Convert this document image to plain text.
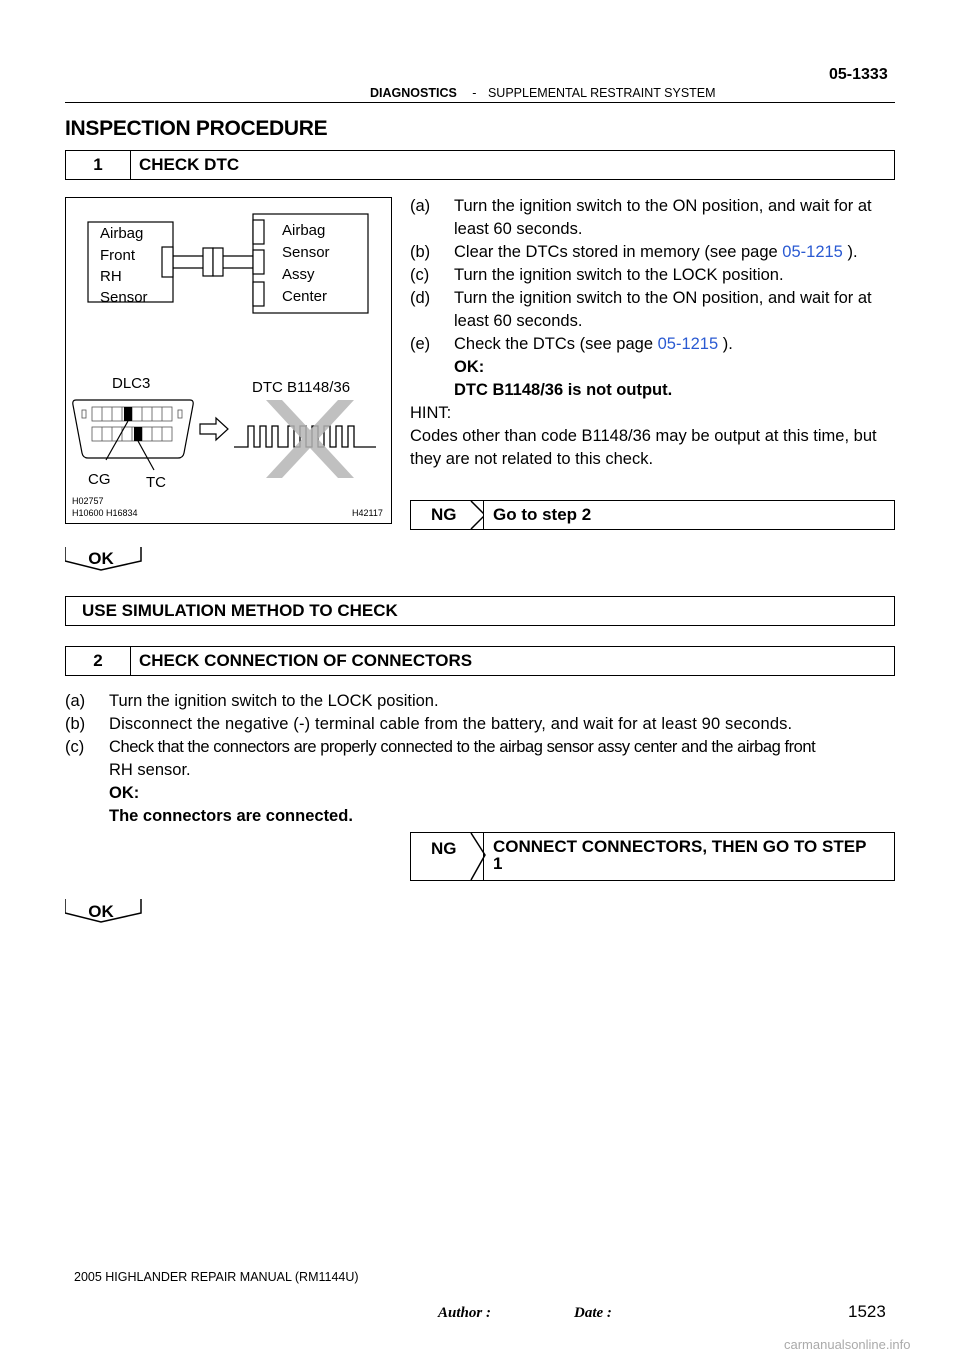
05-1333
DIAGNOSTICS - SUPPLEMENTAL RESTRAINT SYSTEM
INSPECTION PROCEDURE
1	CHECK DTC
Airbag
Front
RH
Sensor
Airbag
Sensor
Assy
Center
DLC3	DTC B1148/36
CG TC
H02757
H10600 H16834	H42117
(a) Turn the ignition switch to the ON position, and wait for at
least 60 seconds.
(b) Clear the DTCs stored in memory (see page 05-1215 ).
(c) Turn the ignition switch to the LOCK position.
(d) Turn the ignition switch to the ON position, and wait for at
least 60 seconds.
(e) Check the DTCs (see page 05-1215 ).
OK:
DTC B1148/36 is not output.
HINT:
Codes other than code B1148/36 may be output at this time, but
they are not related to this check.
NG Go to step 2
OK
USE SIMULATION METHOD TO CHECK
2	CHECK CONNECTION OF CONNECTORS
(a) Turn the ignition switch to the LOCK position.
(b) Disconnect the negative (-) terminal cable from the battery, and wait for at least 90 seconds.
(c) Check that the connectors are properly connected to the airbag sensor assy center and the airbag front
RH sensor.
OK:
The connectors are connected.
NG CONNECT CONNECTORS, THEN GO TO STEP
1
OK
2005 HIGHLANDER REPAIR MANUAL (RM1144U)
Author :	Date :	1523
carmanualsonline.info
